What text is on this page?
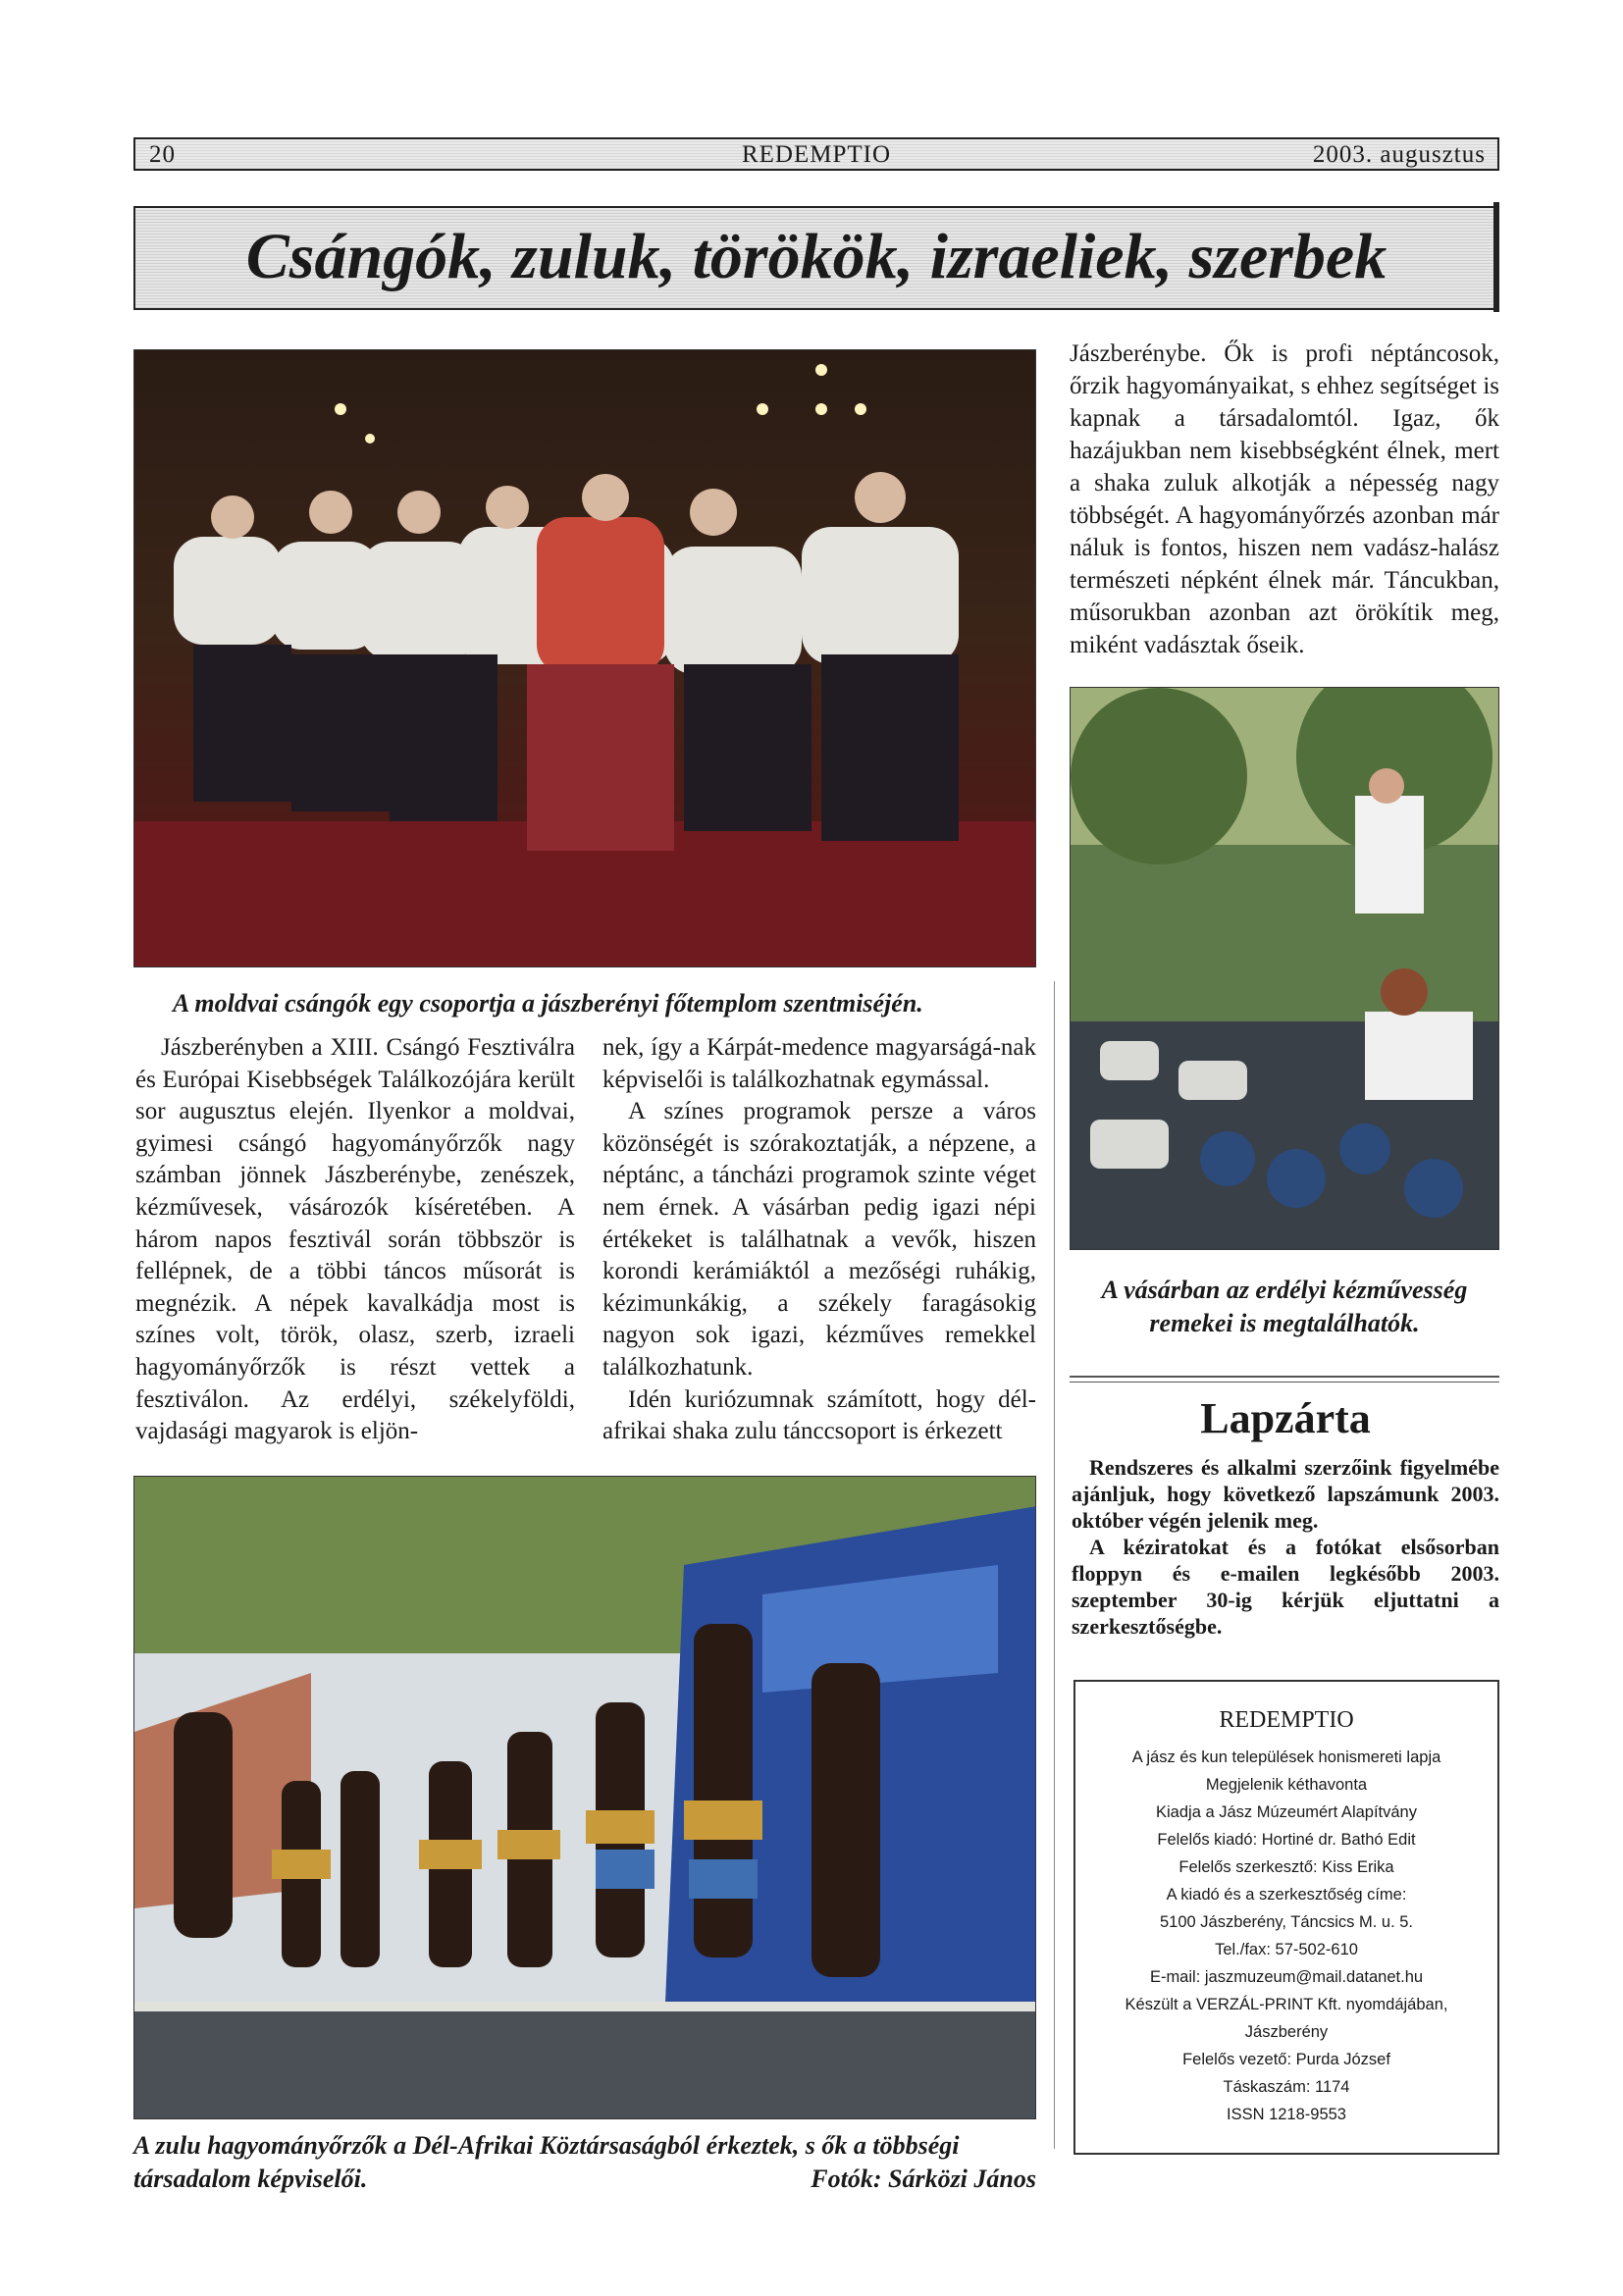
REDEMPTIO
20	2003. augusztus
Csángók, zuluk, törökök, izraeliek, szerbek
A moldvai csángók egy csoportja a jászberényi főtemplom szentmiséjén.

Jászberénybe. Ők is profi néptáncosok, őrzik hagyományaikat, s ehhez segítséget is kapnak a társadalomtól. Igaz, ők hazájukban nem kisebbségként élnek, mert a shaka zuluk alkotják a népesség nagy többségét. A hagyományőrzés azonban már náluk is fontos, hiszen nem vadász-halász természeti népként élnek már. Táncukban, műsorukban azonban azt örökítik meg, miként vadásztak őseik.

A vásárban az erdélyi kézművesség remekei is megtalálhatók.

Jászberényben a XIII. Csángó Fesztiválra és Európai Kisebbségek Találkozójára került sor augusztus elején. Ilyenkor a moldvai, gyimesi csángó hagyományőrzők nagy számban jönnek Jászberénybe, zenészek, kézművesek, vásározók kíséretében. A három napos fesztivál során többször is fellépnek, de a többi táncos műsorát is megnézik. A népek kavalkádja most is színes volt, török, olasz, szerb, izraeli hagyományőrzők is részt vettek a fesztiválon. Az erdélyi, székelyföldi, vajdasági magyarok is eljön-

nek, így a Kárpát-medence magyarságá-nak képviselői is találkozhatnak egymással.

A színes programok persze a város közönségét is szórakoztatják, a népzene, a néptánc, a táncházi programok szinte véget nem érnek. A vásárban pedig igazi népi értékeket is találhatnak a vevők, hiszen korondi kerámiáktól a mezőségi ruhákig, kézimunkákig, a székely faragásokig nagyon sok igazi, kézműves remekkel találkozhatunk.

Idén kuriózumnak számított, hogy dél-afrikai shaka zulu tánccsoport is érkezett

A zulu hagyományőrzők a Dél-Afrikai Köztársaságból érkeztek, s ők a többségi társadalom képviselői.	Fotók: Sárközi János
Lapzárta

Rendszeres és alkalmi szerzőink figyelmébe ajánljuk, hogy következő lapszámunk 2003. október végén jelenik meg.

A kéziratokat és a fotókat elsősorban floppyn és e-mailen legkésőbb 2003. szeptember 30-ig kérjük eljuttatni a szerkesztőségbe.

REDEMPTIO
A jász és kun települések honismereti lapja
Megjelenik kéthavonta
Kiadja a Jász Múzeumért Alapítvány
Felelős kiadó: Hortiné dr. Bathó Edit
Felelős szerkesztő: Kiss Erika
A kiadó és a szerkesztőség címe:
5100 Jászberény, Táncsics M. u. 5.
Tel./fax: 57-502-610
E-mail: jaszmuzeum@mail.datanet.hu
Készült a VERZÁL-PRINT Kft. nyomdájában,
Jászberény
Felelős vezető: Purda József
Táskaszám: 1174
ISSN 1218-9553
